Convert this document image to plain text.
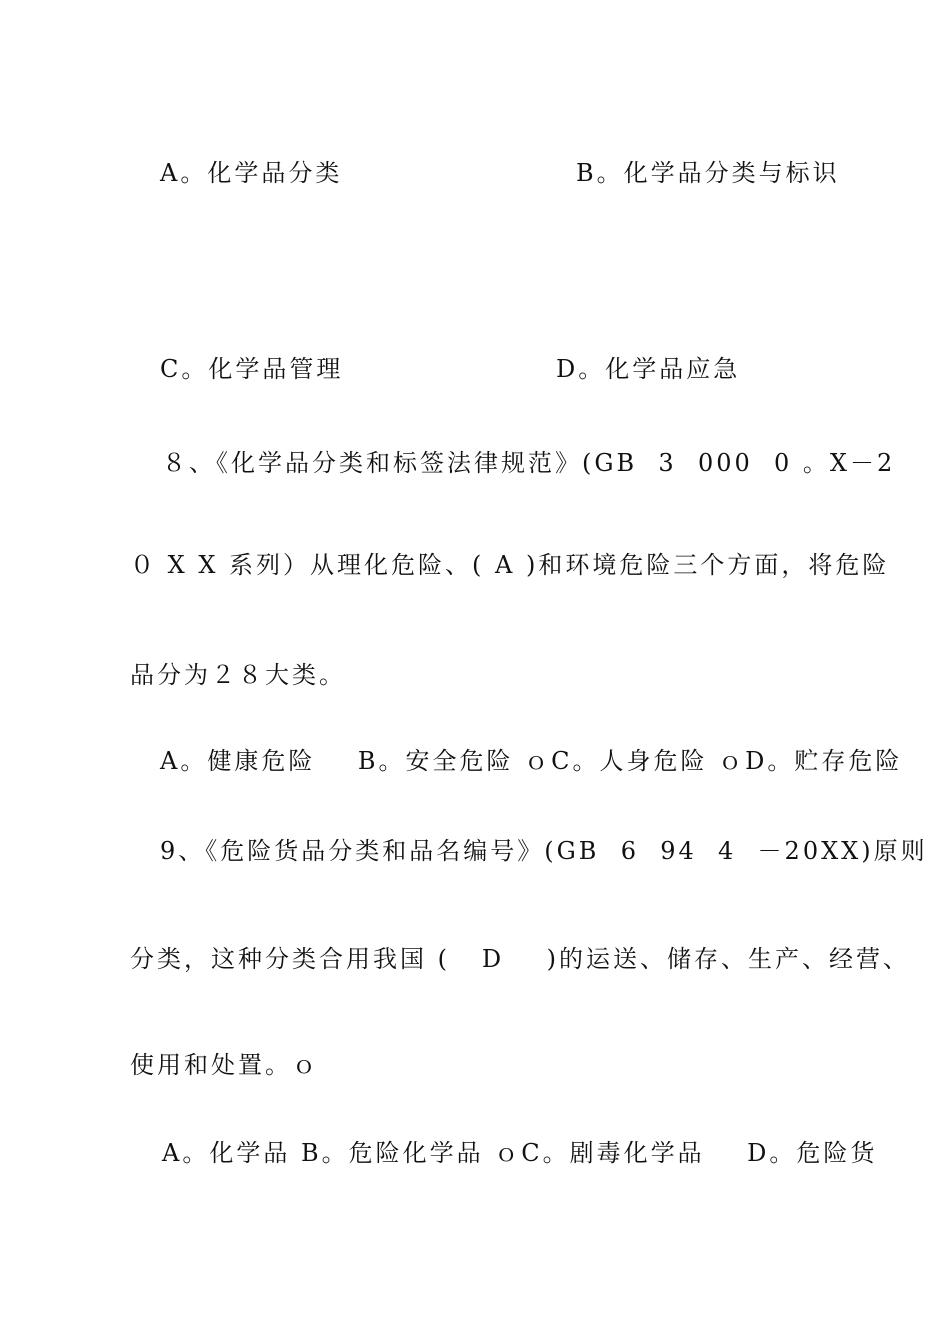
A。化学品分类	B。化学品分类与标识
C。化学品管理	D。化学品应急
８、《化学品分类和标签法律规范》(GB  3  000  0 。X－2
０ X X 系列）从理化危险、( A )和环境危险三个方面，将危险
品分为２８大类。
A。健康危险    B。安全危险 ｏC。人身危险 ｏD。贮存危险
9、《危险货品分类和品名编号》(GB  6  94  4  －20XX)原则
分类，这种分类合用我国 (   D    )的运送、储存、生产、经营、
使用和处置。ｏ
A。化学品 B。危险化学品 ｏC。剧毒化学品    D。危险货
